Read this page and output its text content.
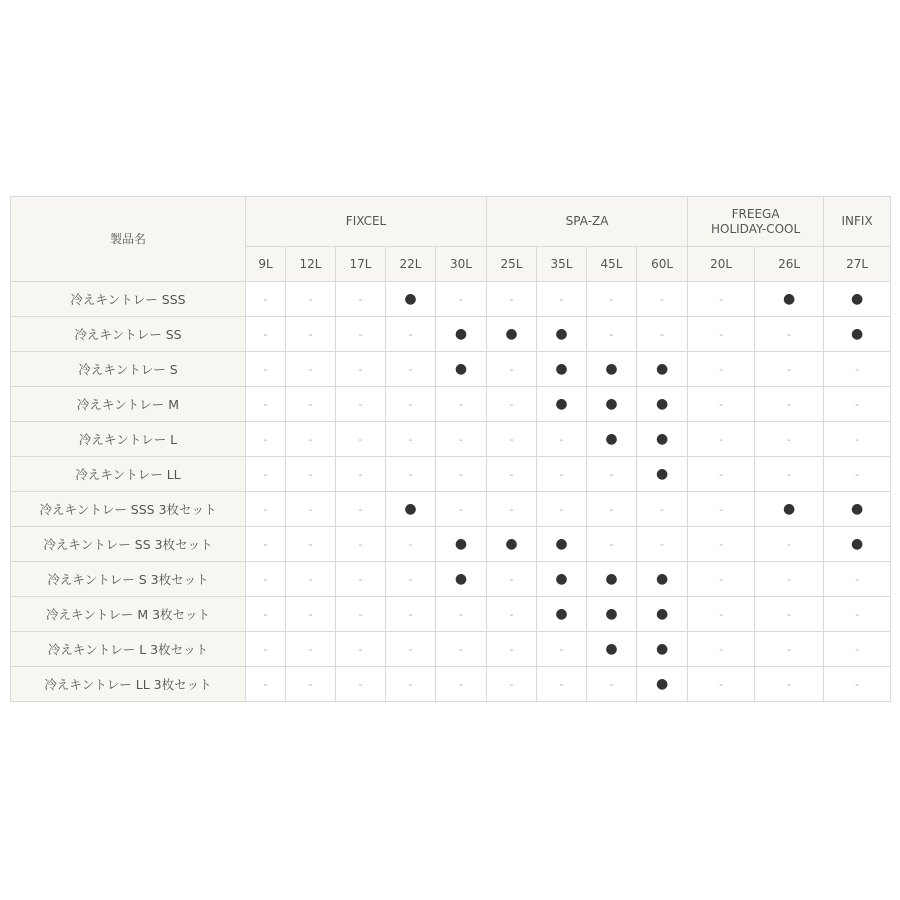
製品名	FIXCEL					SPA-ZA				FREEGA
HOLIDAY-COOL		INFIX
	9L	12L	17L	22L	30L	25L	35L	45L	60L	20L	26L	27L
冷えキントレー SSS	-	-	-	●	-	-	-	-	-	-	●	●
冷えキントレー SS	-	-	-	-	●	●	●	-	-	-	-	●
冷えキントレー S	-	-	-	-	●	-	●	●	●	-	-	-
冷えキントレー M	-	-	-	-	-	-	●	●	●	-	-	-
冷えキントレー L	-	-	-	-	-	-	-	●	●	-	-	-
冷えキントレー LL	-	-	-	-	-	-	-	-	●	-	-	-
冷えキントレー SSS 3枚セット	-	-	-	●	-	-	-	-	-	-	●	●
冷えキントレー SS 3枚セット	-	-	-	-	●	●	●	-	-	-	-	●
冷えキントレー S 3枚セット	-	-	-	-	●	-	●	●	●	-	-	-
冷えキントレー M 3枚セット	-	-	-	-	-	-	●	●	●	-	-	-
冷えキントレー L 3枚セット	-	-	-	-	-	-	-	●	●	-	-	-
冷えキントレー LL 3枚セット	-	-	-	-	-	-	-	-	●	-	-	-
